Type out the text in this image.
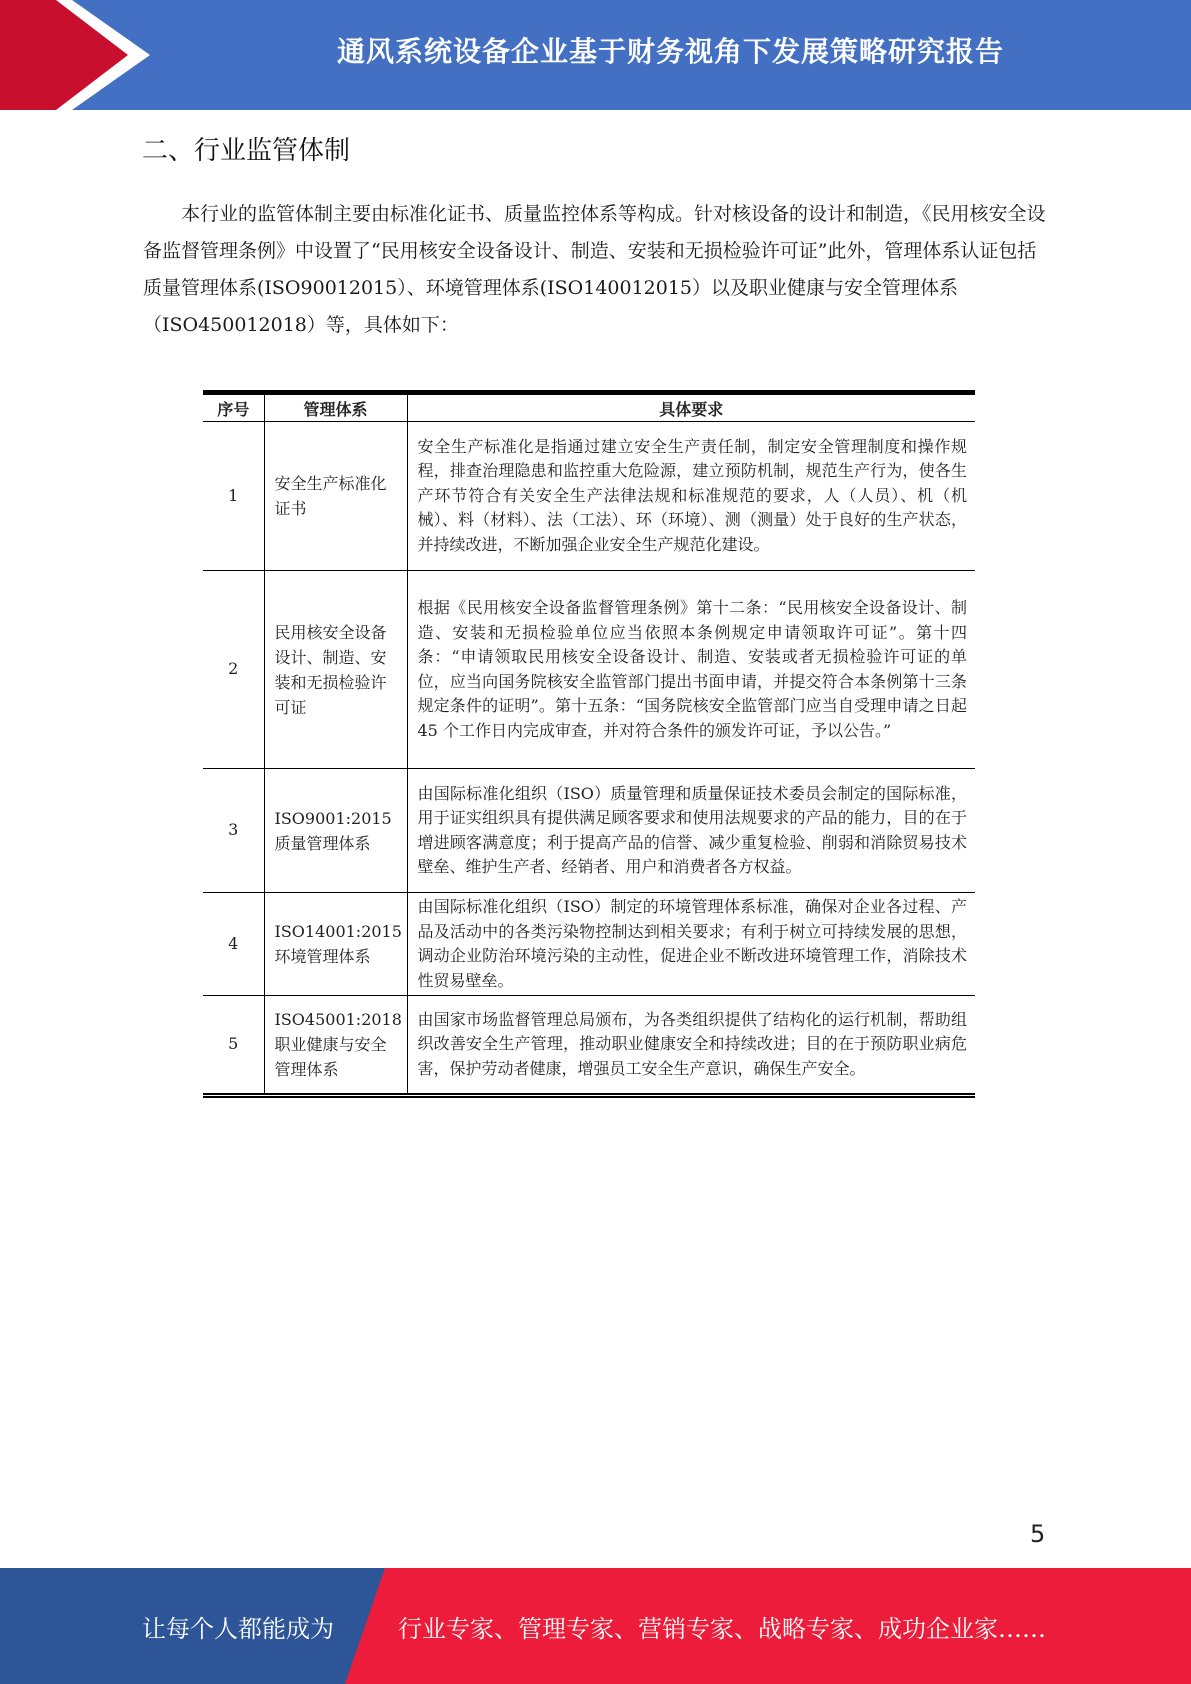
通风系统设备企业基于财务视角下发展策略研究报告
二、行业监管体制

本行业的监管体制主要由标准化证书、质量监控体系等构成。针对核设备的设计和制造，《民用核安全设备监督管理条例》中设置了“民用核安全设备设计、制造、安装和无损检验许可证”此外，管理体系认证包括质量管理体系(ISO90012015）、环境管理体系(ISO140012015）以及职业健康与安全管理体系（ISO450012018）等，具体如下：

序号	管理体系	具体要求
1	安全生产标准化证书	安全生产标准化是指通过建立安全生产责任制，制定安全管理制度和操作规程，排查治理隐患和监控重大危险源，建立预防机制，规范生产行为，使各生产环节符合有关安全生产法律法规和标准规范的要求，人（人员）、机（机械）、料（材料）、法（工法）、环（环境）、测（测量）处于良好的生产状态，并持续改进，不断加强企业安全生产规范化建设。
2	民用核安全设备设计、制造、安装和无损检验许可证	根据《民用核安全设备监督管理条例》第十二条：“民用核安全设备设计、制造、安装和无损检验单位应当依照本条例规定申请领取许可证”。第十四条：“申请领取民用核安全设备设计、制造、安装或者无损检验许可证的单位，应当向国务院核安全监管部门提出书面申请，并提交符合本条例第十三条规定条件的证明”。第十五条：“国务院核安全监管部门应当自受理申请之日起 45 个工作日内完成审查，并对符合条件的颁发许可证，予以公告。”
3	ISO9001:2015质量管理体系	由国际标准化组织（ISO）质量管理和质量保证技术委员会制定的国际标准，用于证实组织具有提供满足顾客要求和使用法规要求的产品的能力，目的在于增进顾客满意度；利于提高产品的信誉、减少重复检验、削弱和消除贸易技术壁垒、维护生产者、经销者、用户和消费者各方权益。
4	ISO14001:2015环境管理体系	由国际标准化组织（ISO）制定的环境管理体系标准，确保对企业各过程、产品及活动中的各类污染物控制达到相关要求；有利于树立可持续发展的思想，调动企业防治环境污染的主动性，促进企业不断改进环境管理工作，消除技术性贸易壁垒。
5	ISO45001:2018职业健康与安全管理体系	由国家市场监督管理总局颁布，为各类组织提供了结构化的运行机制，帮助组织改善安全生产管理，推动职业健康安全和持续改进；目的在于预防职业病危害，保护劳动者健康，增强员工安全生产意识，确保生产安全。
5
让每个人都能成为	行业专家、管理专家、营销专家、战略专家、成功企业家……
